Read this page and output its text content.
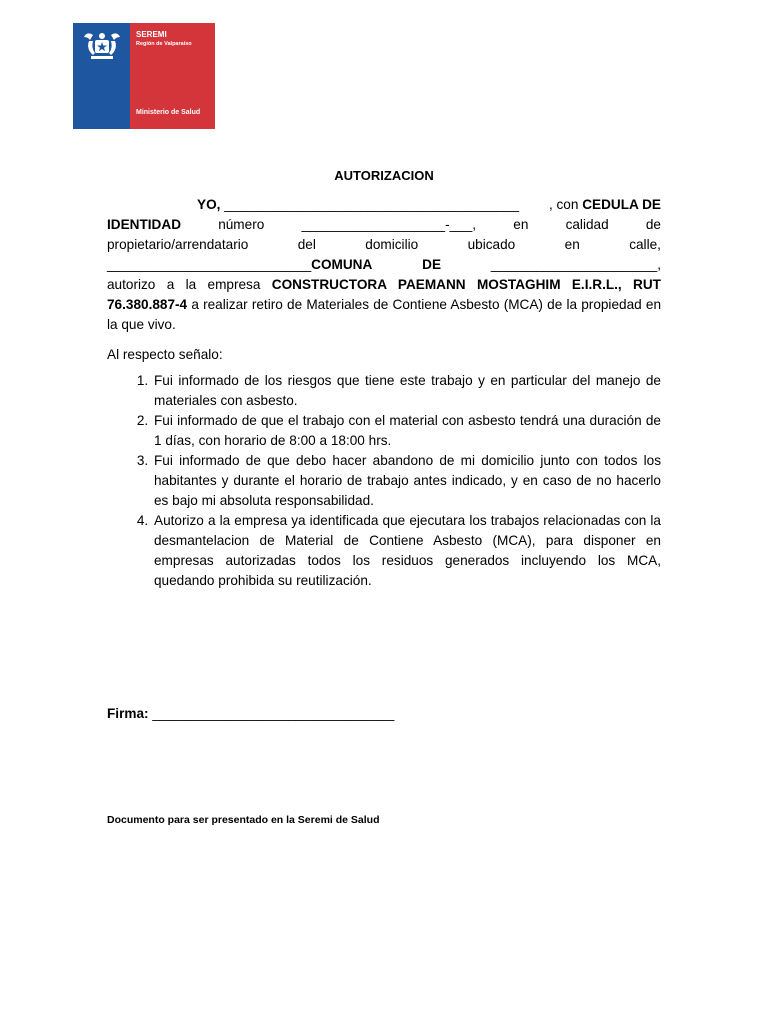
SEREMI
Región de Valparaíso
Ministerio de Salud
AUTORIZACION
YO, _______________________________________ , con CEDULA DE
IDENTIDAD	número	___________________-___,	en	calidad	de
propietario/arrendatario	del	domicilio	ubicado	en	calle,
___________________________COMUNA	DE	______________________,
autorizo a la empresa CONSTRUCTORA PAEMANN MOSTAGHIM E.I.R.L., RUT 76.380.887-4 a realizar retiro de Materiales de Contiene Asbesto (MCA) de la propiedad en la que vivo.
Al respecto señalo:
1. Fui informado de los riesgos que tiene este trabajo y en particular del manejo de materiales con asbesto.
2. Fui informado de que el trabajo con el material con asbesto tendrá una duración de 1 días, con horario de 8:00 a 18:00 hrs.
3. Fui informado de que debo hacer abandono de mi domicilio junto con todos los habitantes y durante el horario de trabajo antes indicado, y en caso de no hacerlo es bajo mi absoluta responsabilidad.
4. Autorizo a la empresa ya identificada que ejecutara los trabajos relacionadas con la desmantelacion de Material de Contiene Asbesto (MCA), para disponer en empresas autorizadas todos los residuos generados incluyendo los MCA, quedando prohibida su reutilización.
Firma: ________________________________
Documento para ser presentado en la Seremi de Salud
